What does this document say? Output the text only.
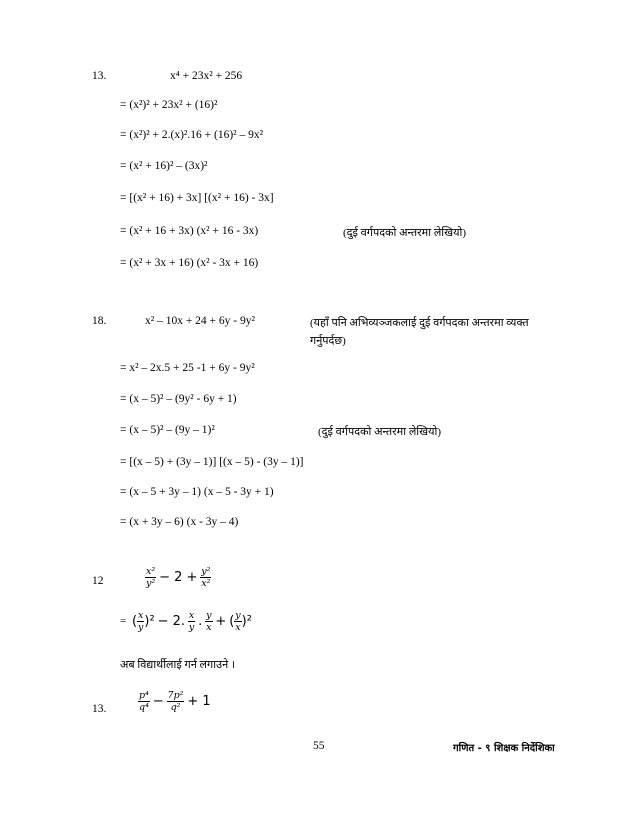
13.	x⁴ + 23x² + 256
= (x²)² + 23x² + (16)²
= (x²)² + 2.(x)².16 + (16)² – 9x²
= (x² + 16)² – (3x)²
= [(x² + 16) + 3x] [(x² + 16) - 3x]
= (x² + 16 + 3x) (x² + 16 - 3x)	(दुई वर्गपदको अन्तरमा लेखियो)
= (x² + 3x + 16) (x² - 3x + 16)
18.	x² – 10x + 24 + 6y - 9y²	(यहाँ पनि अभिव्यञ्जकलाई दुई वर्गपदका अन्तरमा व्यक्त
गर्नुपर्दछ)
= x² – 2x.5 + 25 -1 + 6y - 9y²
= (x – 5)² – (9y² - 6y + 1)
= (x – 5)² – (9y – 1)²	(दुई वर्गपदको अन्तरमा लेखियो)
= [(x – 5) + (3y – 1)] [(x – 5) - (3y – 1)]
= (x – 5 + 3y – 1) (x – 5 - 3y + 1)
= (x + 3y – 6) (x - 3y – 4)
12	$\frac{\text{x²}}{\text{y²}} - 2 + \frac{\text{y²}}{\text{x²}}$
= ( $\frac{x}{y} )^2 - 2$. $\frac{x}{y}$ . $\frac{y}{x}$ + ( $\frac{y}{x} )^2$
अब विद्यार्थीलाई गर्न लगाउने ।
13.	$\frac{\text{p⁴}}{\text{q⁴}} - \frac{\text{7p²}}{\text{q²}} + 1$
55	गणित - ९ शिक्षक निर्देशिका
